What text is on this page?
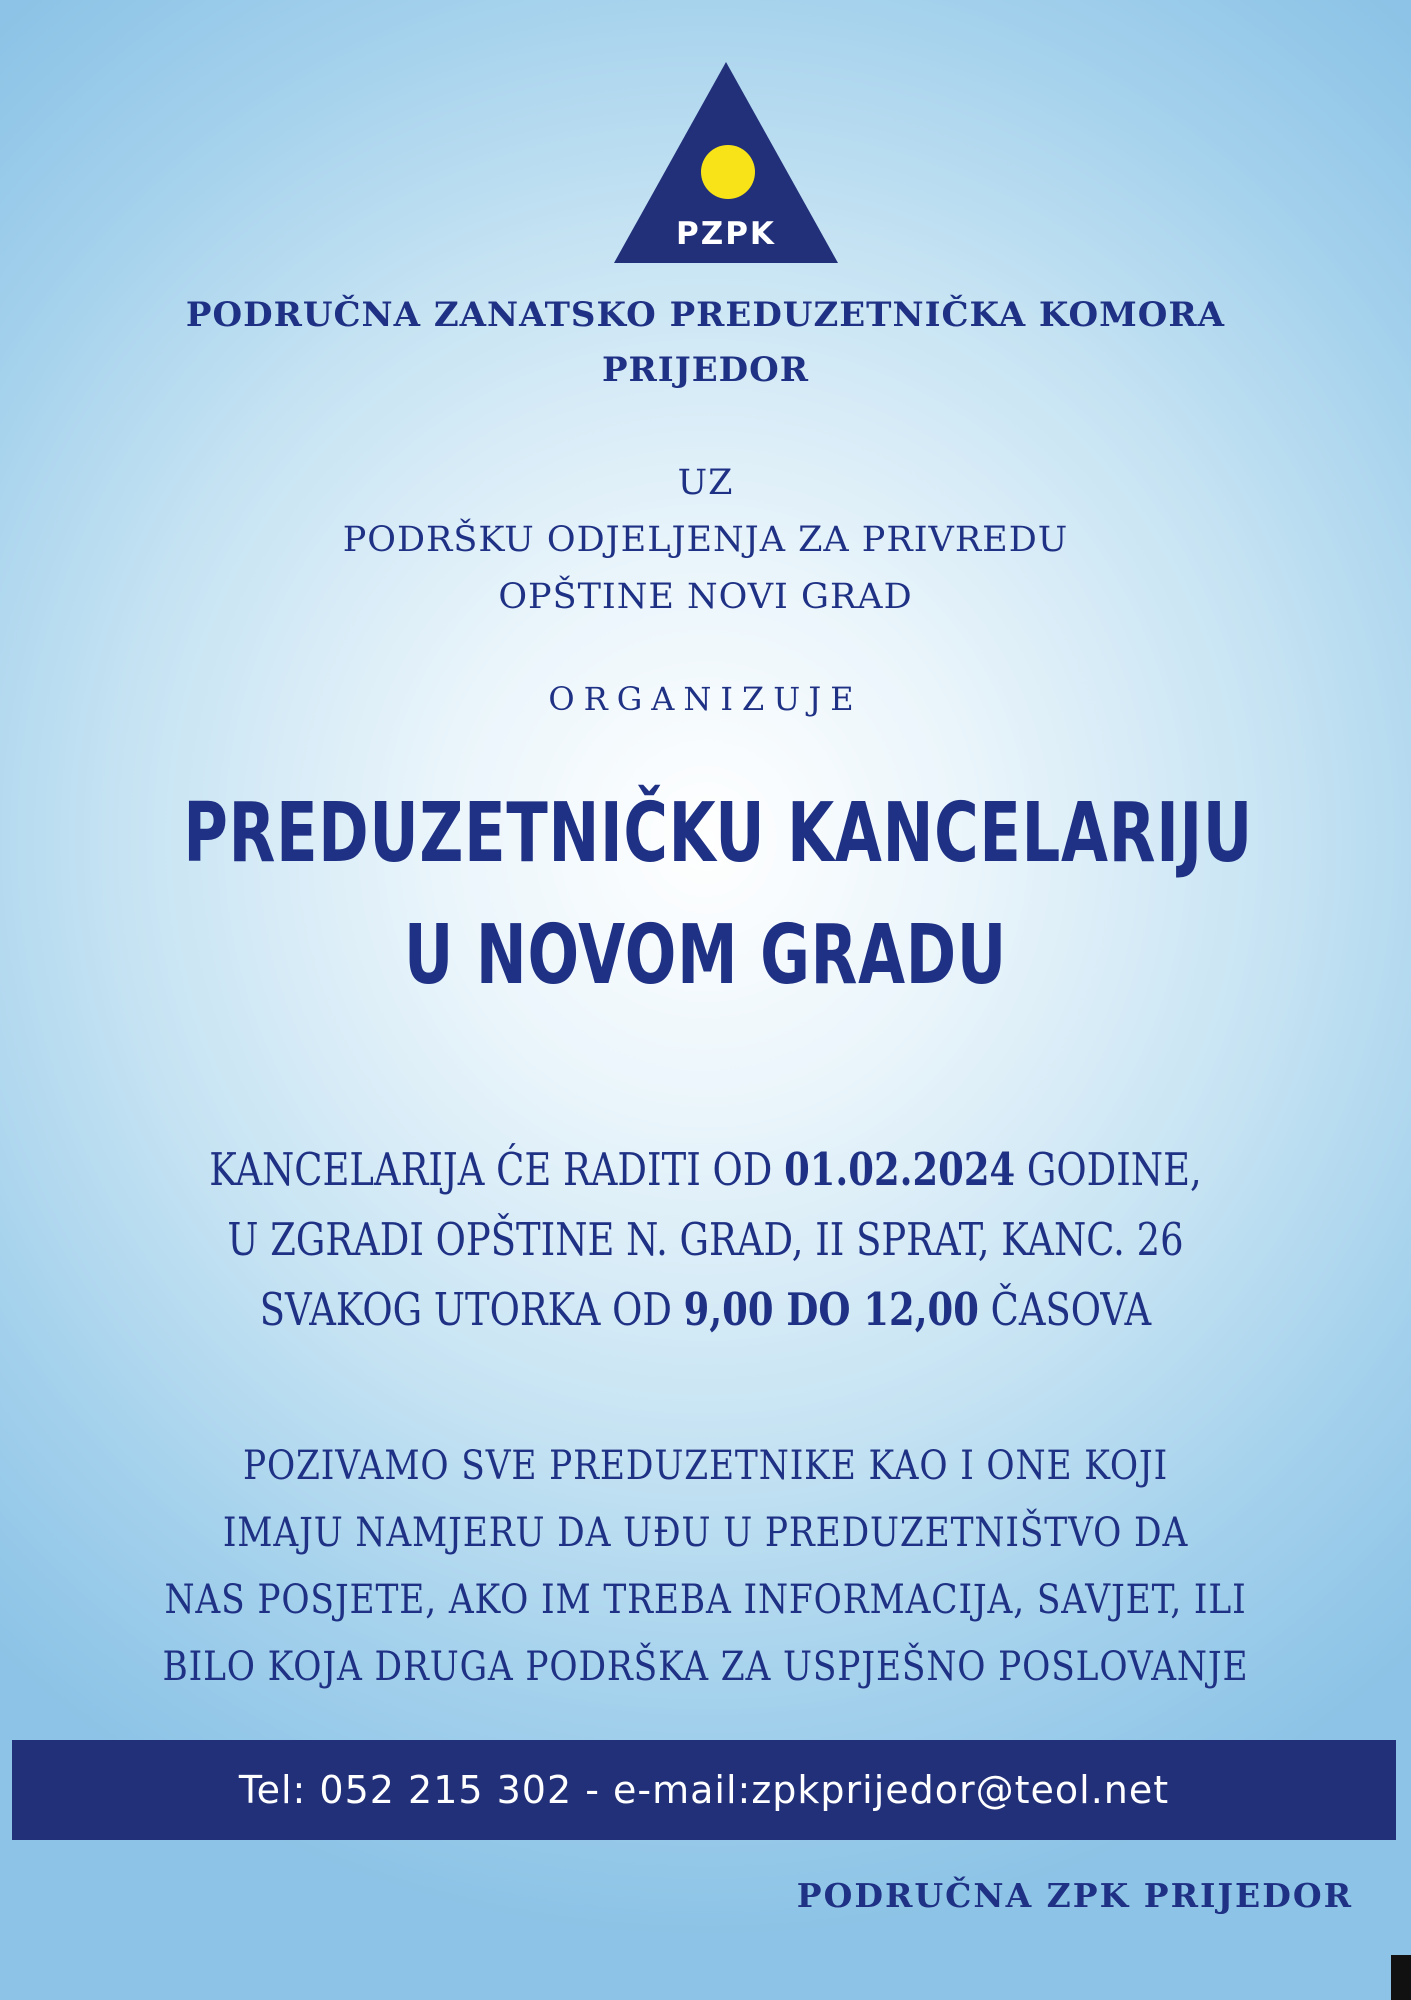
PZPK
PODRUČNA ZANATSKO PREDUZETNIČKA KOMORA
PRIJEDOR
UZ
PODRŠKU ODJELJENJA ZA PRIVREDU
OPŠTINE NOVI GRAD
ORGANIZUJE
PREDUZETNIČKU KANCELARIJU
U NOVOM GRADU
KANCELARIJA ĆE RADITI OD 01.02.2024 GODINE,
U ZGRADI OPŠTINE N. GRAD, II SPRAT, KANC. 26
SVAKOG UTORKA OD 9,00 DO 12,00 ČASOVA
POZIVAMO SVE PREDUZETNIKE KAO I ONE KOJI
IMAJU NAMJERU DA UĐU U PREDUZETNIŠTVO DA
NAS POSJETE, AKO IM TREBA INFORMACIJA, SAVJET, ILI
BILO KOJA DRUGA PODRŠKA ZA USPJEŠNO POSLOVANJE
Tel: 052 215 302 - e-mail:zpkprijedor@teol.net
PODRUČNA ZPK PRIJEDOR
